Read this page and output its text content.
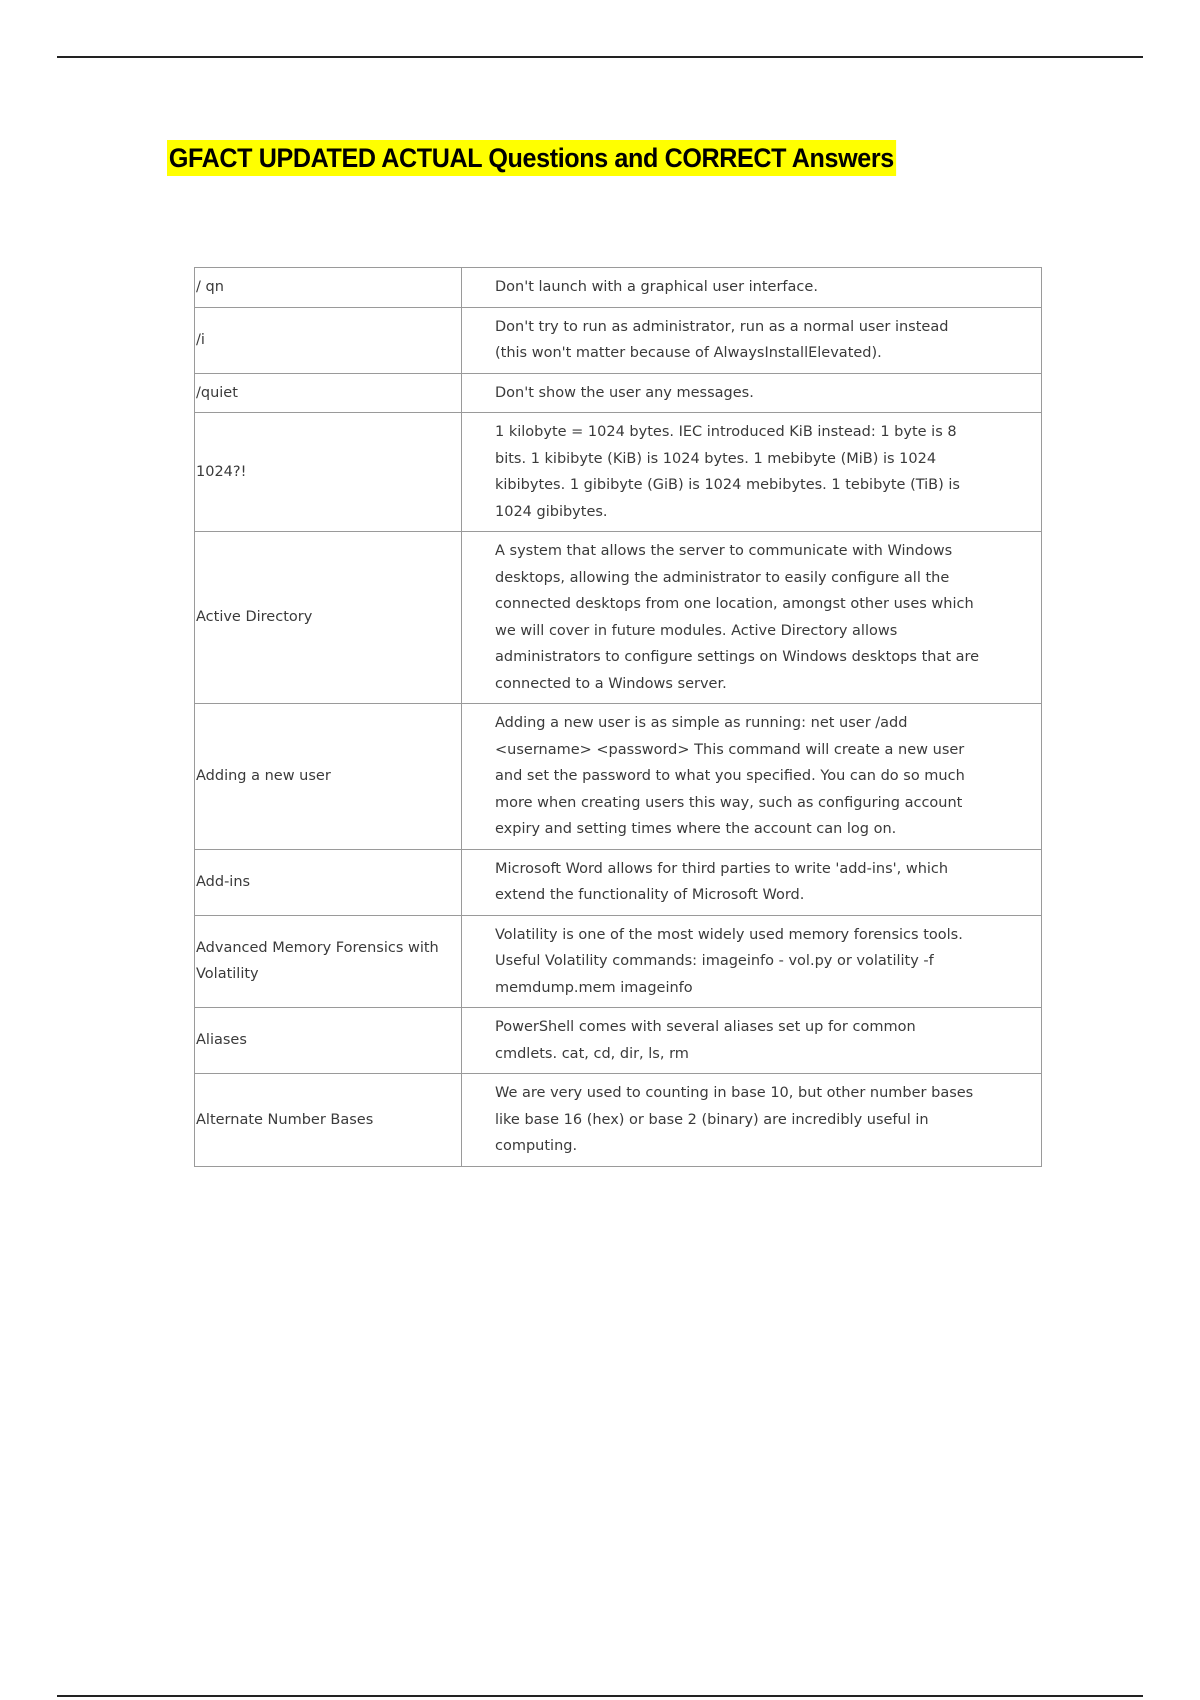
GFACT UPDATED ACTUAL Questions and CORRECT Answers
/ qn	Don't launch with a graphical user interface.
/i	Don't try to run as administrator, run as a normal user instead (this won't matter because of AlwaysInstallElevated).
/quiet	Don't show the user any messages.
1024?!	1 kilobyte = 1024 bytes. IEC introduced KiB instead: 1 byte is 8 bits. 1 kibibyte (KiB) is 1024 bytes. 1 mebibyte (MiB) is 1024 kibibytes. 1 gibibyte (GiB) is 1024 mebibytes. 1 tebibyte (TiB) is 1024 gibibytes.
Active Directory	A system that allows the server to communicate with Windows desktops, allowing the administrator to easily configure all the connected desktops from one location, amongst other uses which we will cover in future modules. Active Directory allows administrators to configure settings on Windows desktops that are connected to a Windows server.
Adding a new user	Adding a new user is as simple as running: net user /add <username> <password> This command will create a new user and set the password to what you specified. You can do so much more when creating users this way, such as configuring account expiry and setting times where the account can log on.
Add-ins	Microsoft Word allows for third parties to write 'add-ins', which extend the functionality of Microsoft Word.
Advanced Memory Forensics with Volatility	Volatility is one of the most widely used memory forensics tools. Useful Volatility commands: imageinfo - vol.py or volatility -f memdump.mem imageinfo
Aliases	PowerShell comes with several aliases set up for common cmdlets. cat, cd, dir, ls, rm
Alternate Number Bases	We are very used to counting in base 10, but other number bases like base 16 (hex) or base 2 (binary) are incredibly useful in computing.
